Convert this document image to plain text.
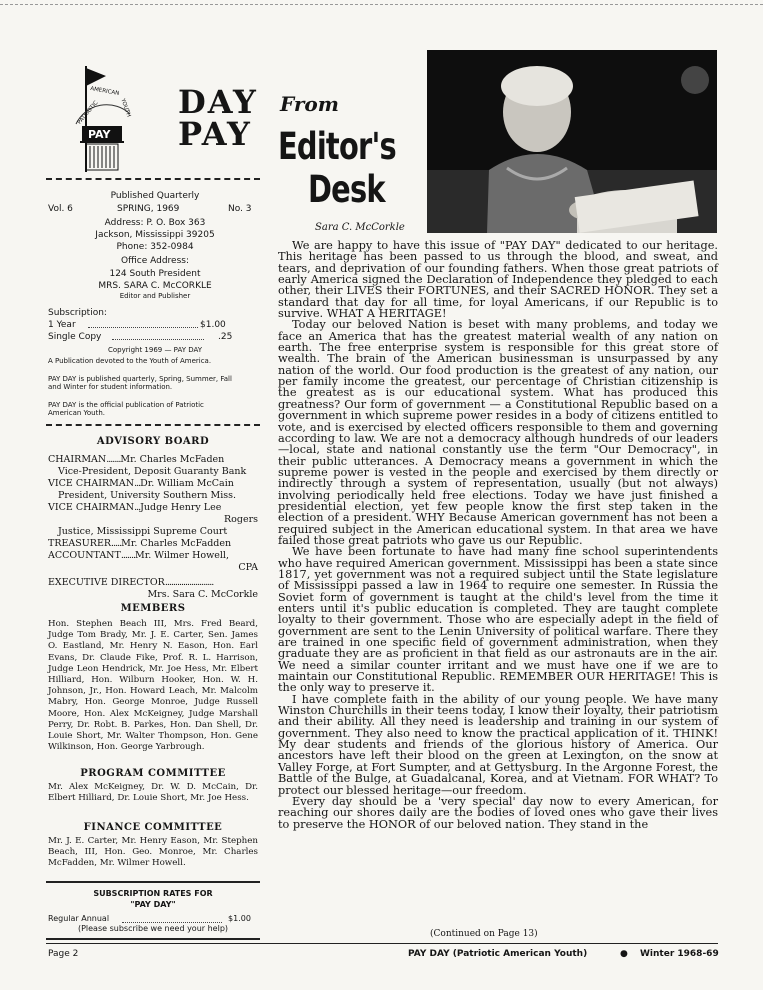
PATRIOTIC
AMERICAN
YOUTH
PAY
DAY
PAY
From
Editor's
Desk
Sara C. McCorkle
Published Quarterly
Vol. 6	SPRING, 1969	No. 3
Address: P. O. Box 363
Jackson, Mississippi 39205
Phone: 352-0984
Office Address:
124 South President
MRS. SARA C. McCORKLE
Editor and Publisher
Subscription:
1 Year	$1.00
Single Copy	.25
Copyright 1969 — PAY DAY
A Publication devoted to the Youth of America.
PAY DAY is published quarterly, Spring, Summer, Fall and Winter for student information.
PAY DAY is the official publication of Patriotic American Youth.
ADVISORY BOARD
CHAIRMAN.......Mr. Charles McFaden
Vice-President, Deposit Guaranty Bank
VICE CHAIRMAN...Dr. William McCain
President, University Southern Miss.
VICE CHAIRMAN...Judge Henry Lee
Rogers
Justice, Mississippi Supreme Court
TREASURER.....Mr. Charles McFadden
ACCOUNTANT.......Mr. Wilmer Howell,
CPA
EXECUTIVE DIRECTOR........................
Mrs. Sara C. McCorkle
MEMBERS
Hon. Stephen Beach III, Mrs. Fred Beard, Judge Tom Brady, Mr. J. E. Carter, Sen. James O. Eastland, Mr. Henry N. Eason, Hon. Earl Evans, Dr. Claude Fike, Prof. R. L. Harrison, Judge Leon Hendrick, Mr. Joe Hess, Mr. Elbert Hilliard, Hon. Wilburn Hooker, Hon. W. H. Johnson, Jr., Hon. Howard Leach, Mr. Malcolm Mabry, Hon. George Monroe, Judge Russell Moore, Hon. Alex McKeigney, Judge Marshall Perry, Dr. Robt. B. Parkes, Hon. Dan Shell, Dr. Louie Short, Mr. Walter Thompson, Hon. Gene Wilkinson, Hon. George Yarbrough.
PROGRAM COMMITTEE
Mr. Alex McKeigney, Dr. W. D. McCain, Dr. Elbert Hilliard, Dr. Louie Short, Mr. Joe Hess.
FINANCE COMMITTEE
Mr. J. E. Carter, Mr. Henry Eason, Mr. Stephen Beach, III, Hon. Geo. Monroe, Mr. Charles McFadden, Mr. Wilmer Howell.
SUBSCRIPTION RATES FOR
"PAY DAY"
Regular Annual	$1.00
(Please subscribe we need your help)

We are happy to have this issue of "PAY DAY" dedicated to our heritage. This heritage has been passed to us through the blood, and sweat, and tears, and deprivation of our founding fathers. When those great patriots of early America signed the Declaration of Independence they pledged to each other, their LIVES their FORTUNES, and their SACRED HONOR. They set a standard that day for all time, for loyal Americans, if our Republic is to survive. WHAT A HERITAGE!

Today our beloved Nation is beset with many problems, and today we face an America that has the greatest material wealth of any nation on earth. The free enterprise system is responsible for this great store of wealth. The brain of the American businessman is unsurpassed by any nation of the world. Our food production is the greatest of any nation, our per family income the greatest, our percentage of Christian citizenship is the greatest as is our educational system. What has produced this greatness? Our form of government — a Constitutional Republic based on a government in which supreme power resides in a body of citizens entitled to vote, and is exercised by elected officers responsible to them and governing according to law. We are not a democracy although hundreds of our leaders—local, state and national constantly use the term "Our Democracy", in their public utterances. A Democracy means a government in which the supreme power is vested in the people and exercised by them directly or indirectly through a system of representation, usually (but not always) involving periodically held free elections. Today we have just finished a presidential election, yet few people know the first step taken in the election of a president. WHY Because American government has not been a required subject in the American educational system. In that area we have failed those great patriots who gave us our Republic.

We have been fortunate to have had many fine school superintendents who have required American government. Mississippi has been a state since 1817, yet government was not a required subject until the State legislature of Mississippi passed a law in 1964 to require one semester. In Russia the Soviet form of government is taught at the child's level from the time it enters until it's public education is completed. They are taught complete loyalty to their government. Those who are especially adept in the field of government are sent to the Lenin University of political warfare. There they are trained in one specific field of government administration, when they graduate they are as proficient in that field as our astronauts are in the air. We need a similar counter irritant and we must have one if we are to maintain our Constitutional Republic. REMEMBER OUR HERITAGE! This is the only way to preserve it.

I have complete faith in the ability of our young people. We have many Winston Churchills in their teens today, I know their loyalty, their patriotism and their ability. All they need is leadership and training in our system of government. They also need to know the practical application of it. THINK! My dear students and friends of the glorious history of America. Our ancestors have left their blood on the green at Lexington, on the snow at Valley Forge, at Fort Sumpter, and at Gettysburg. In the Argonne Forest, the Battle of the Bulge, at Guadalcanal, Korea, and at Vietnam. FOR WHAT? To protect our blessed heritage—our freedom.

Every day should be a 'very special' day now to every American, for reaching our shores daily are the bodies of loved ones who gave their lives to preserve the HONOR of our beloved nation. They stand in the

(Continued on Page 13)
Page 2	PAY DAY (Patriotic American Youth)	● Winter 1968-69
